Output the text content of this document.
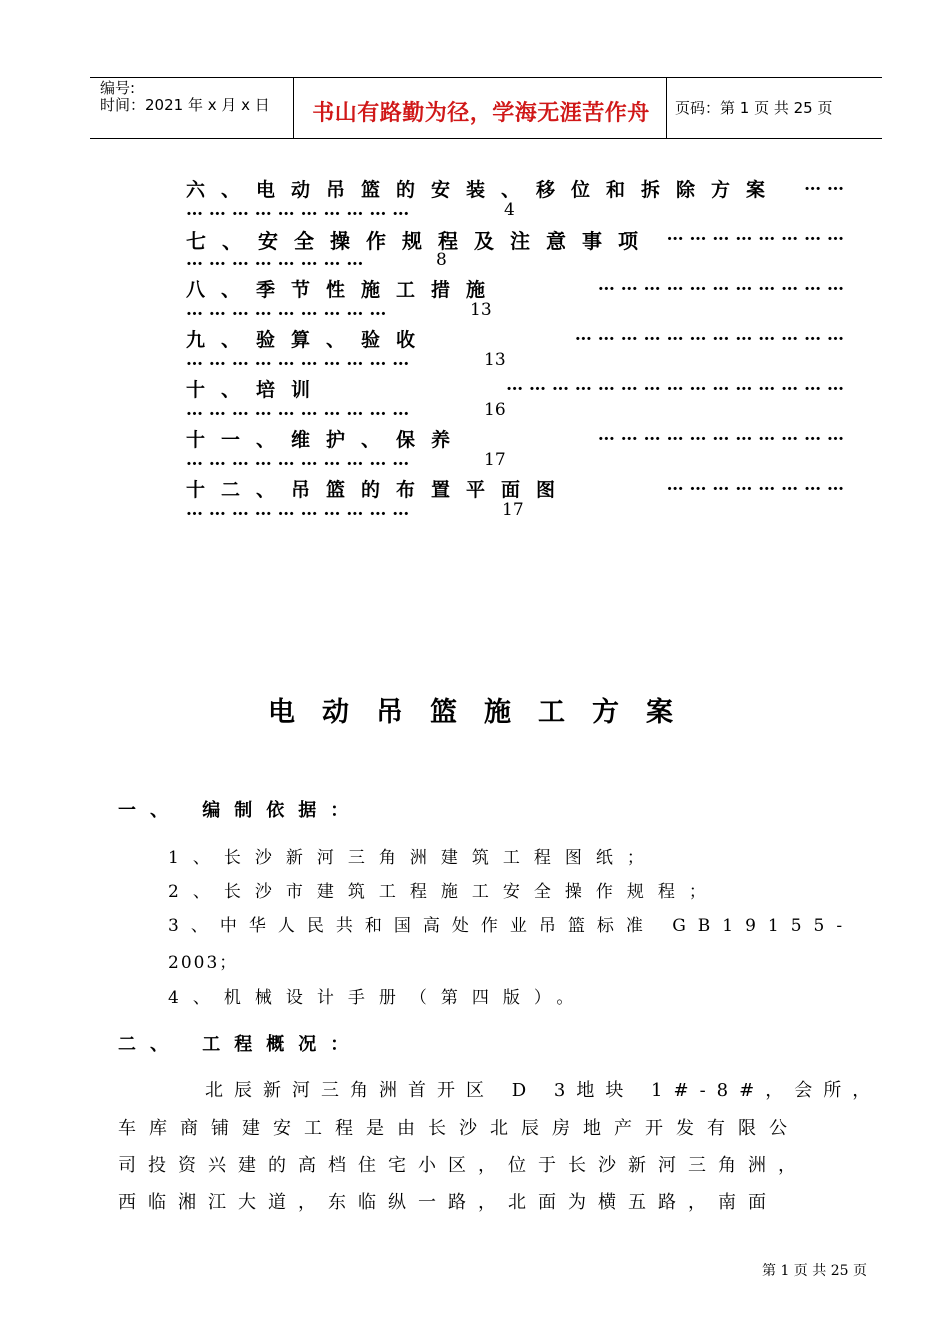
编号:
时间：2021 年 x 月 x 日	书山有路勤为径，学海无涯苦作舟	页码：第 1 页 共 25 页
六、电动吊篮的安装、移位和拆除方案	… …
… … … … … … … … … …	4
七、安全操作规程及注意事项 … … … … … … … …
… … … … … … … …	8
八、季节性施工措施	… … … … … … … … … … …
… … … … … … … … …	13
九、验算、验收	… … … … … … … … … … … …
… … … … … … … … … …	13
十、培训	… … … … … … … … … … … … … … …
… … … … … … … … … …	16
十一、维护、保养	… … … … … … … … … … …
… … … … … … … … … …	17
十二、吊篮的布置平面图	… … … … … … … …
… … … … … … … … … …	17
电动吊篮施工方案
一、 编制依据：
1、长沙新河三角洲建筑工程图纸；
2、长沙市建筑工程施工安全操作规程；
3、中华人民共和国高处作业吊篮标准 GB19155-
2003；
4、机械设计手册（第四版）。
二、 工程概况：
北辰新河三角洲首开区 D 3地块 1#-8#，会所，
车库商铺建安工程是由长沙北辰房地产开发有限公
司投资兴建的高档住宅小区，位于长沙新河三角洲，
西临湘江大道，东临纵一路，北面为横五路，南面
第 1 页 共 25 页
